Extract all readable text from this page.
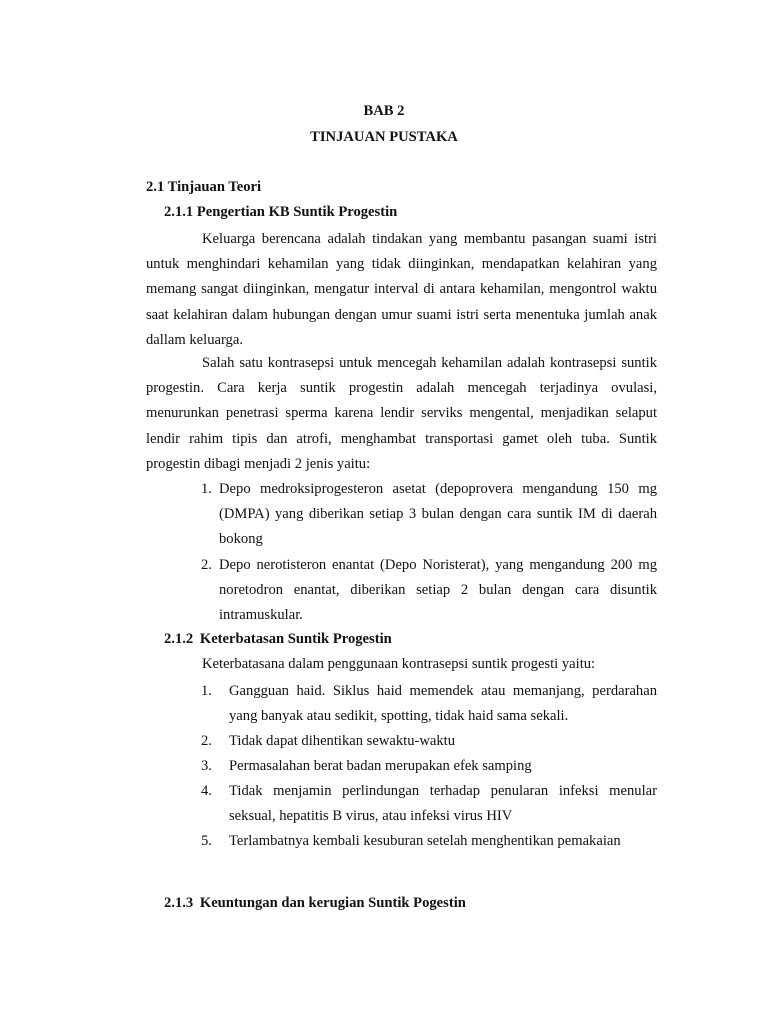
BAB 2
TINJAUAN PUSTAKA
2.1 Tinjauan Teori
2.1.1 Pengertian KB Suntik Progestin
Keluarga berencana adalah tindakan yang membantu pasangan suami istri untuk menghindari kehamilan yang tidak diinginkan, mendapatkan kelahiran yang memang sangat diinginkan, mengatur interval di antara kehamilan, mengontrol waktu saat kelahiran dalam hubungan dengan umur suami istri serta menentuka jumlah anak dallam keluarga.
Salah satu kontrasepsi untuk mencegah kehamilan adalah kontrasepsi suntik progestin. Cara kerja suntik progestin adalah mencegah terjadinya ovulasi, menurunkan penetrasi sperma karena lendir serviks mengental, menjadikan selaput lendir rahim tipis dan atrofi, menghambat transportasi gamet oleh tuba. Suntik progestin dibagi menjadi 2 jenis yaitu:
1. Depo medroksiprogesteron asetat (depoprovera mengandung 150 mg (DMPA) yang diberikan setiap 3 bulan dengan cara suntik IM di daerah bokong
2. Depo nerotisteron enantat (Depo Noristerat), yang mengandung 200 mg noretodron enantat, diberikan setiap 2 bulan dengan cara disuntik intramuskular.
2.1.2 Keterbatasan Suntik Progestin
Keterbatasana dalam penggunaan kontrasepsi suntik progesti yaitu:
1. Gangguan haid. Siklus haid memendek atau memanjang, perdarahan yang banyak atau sedikit, spotting, tidak haid sama sekali.
2. Tidak dapat dihentikan sewaktu-waktu
3. Permasalahan berat badan merupakan efek samping
4. Tidak menjamin perlindungan terhadap penularan infeksi menular seksual, hepatitis B virus, atau infeksi virus HIV
5. Terlambatnya kembali kesuburan setelah menghentikan pemakaian
2.1.3 Keuntungan dan kerugian Suntik Pogestin
